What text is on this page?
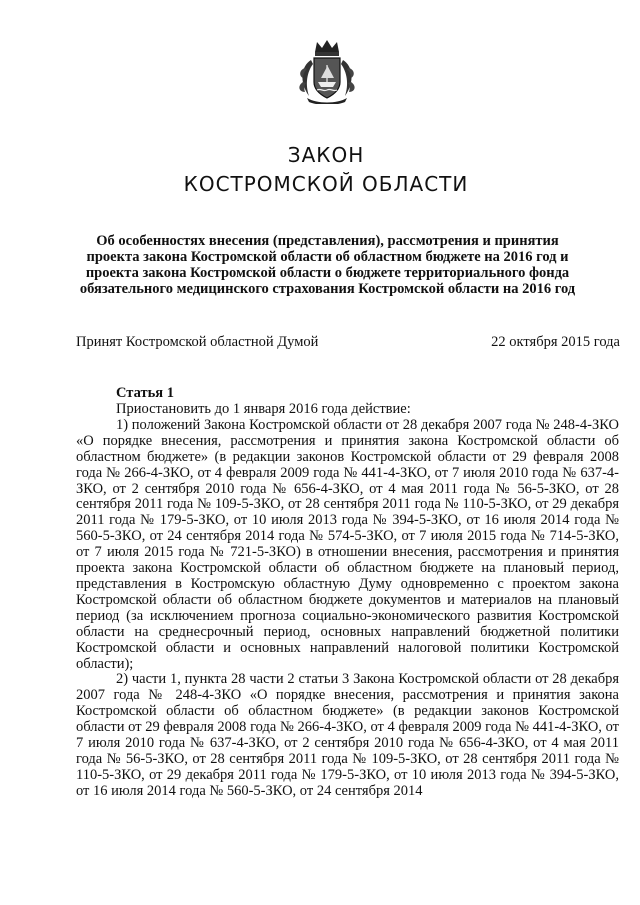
ЗАКОН
КОСТРОМСКОЙ ОБЛАСТИ
Об особенностях внесения (представления), рассмотрения и принятия проекта закона Костромской области об областном бюджете на 2016 год и проекта закона Костромской области о бюджете территориального фонда обязательного медицинского страхования Костромской области на 2016 год
Принят Костромской областной Думой	22 октября 2015 года
Статья 1

Приостановить до 1 января 2016 года действие:

1) положений Закона Костромской области от 28 декабря 2007 года № 248-4-ЗКО «О порядке внесения, рассмотрения и принятия закона Костромской области об областном бюджете» (в редакции законов Костромской области от 29 февраля 2008 года № 266-4-ЗКО, от 4 февраля 2009 года № 441-4-ЗКО, от 7 июля 2010 года № 637-4-ЗКО, от 2 сентября 2010 года № 656-4-ЗКО, от 4 мая 2011 года № 56-5-ЗКО, от 28 сентября 2011 года № 109-5-ЗКО, от 28 сентября 2011 года № 110-5-ЗКО, от 29 декабря 2011 года № 179-5-ЗКО, от 10 июля 2013 года № 394-5-ЗКО, от 16 июля 2014 года № 560-5-ЗКО, от 24 сентября 2014 года № 574-5-ЗКО, от 7 июля 2015 года № 714-5-ЗКО, от 7 июля 2015 года № 721-5-ЗКО) в отношении внесения, рассмотрения и принятия проекта закона Костромской области об областном бюджете на плановый период, представления в Костромскую областную Думу одновременно с проектом закона Костромской области об областном бюджете документов и материалов на плановый период (за исключением прогноза социально-экономического развития Костромской области на среднесрочный период, основных направлений бюджетной политики Костромской области и основных направлений налоговой политики Костромской области);

2) части 1, пункта 28 части 2 статьи 3 Закона Костромской области от 28 декабря 2007 года № 248-4-ЗКО «О порядке внесения, рассмотрения и принятия закона Костромской области об областном бюджете» (в редакции законов Костромской области от 29 февраля 2008 года № 266-4-ЗКО, от 4 февраля 2009 года № 441-4-ЗКО, от 7 июля 2010 года № 637-4-ЗКО, от 2 сентября 2010 года № 656-4-ЗКО, от 4 мая 2011 года № 56-5-ЗКО, от 28 сентября 2011 года № 109-5-ЗКО, от 28 сентября 2011 года № 110-5-ЗКО, от 29 декабря 2011 года № 179-5-ЗКО, от 10 июля 2013 года № 394-5-ЗКО, от 16 июля 2014 года № 560-5-ЗКО, от 24 сентября 2014
